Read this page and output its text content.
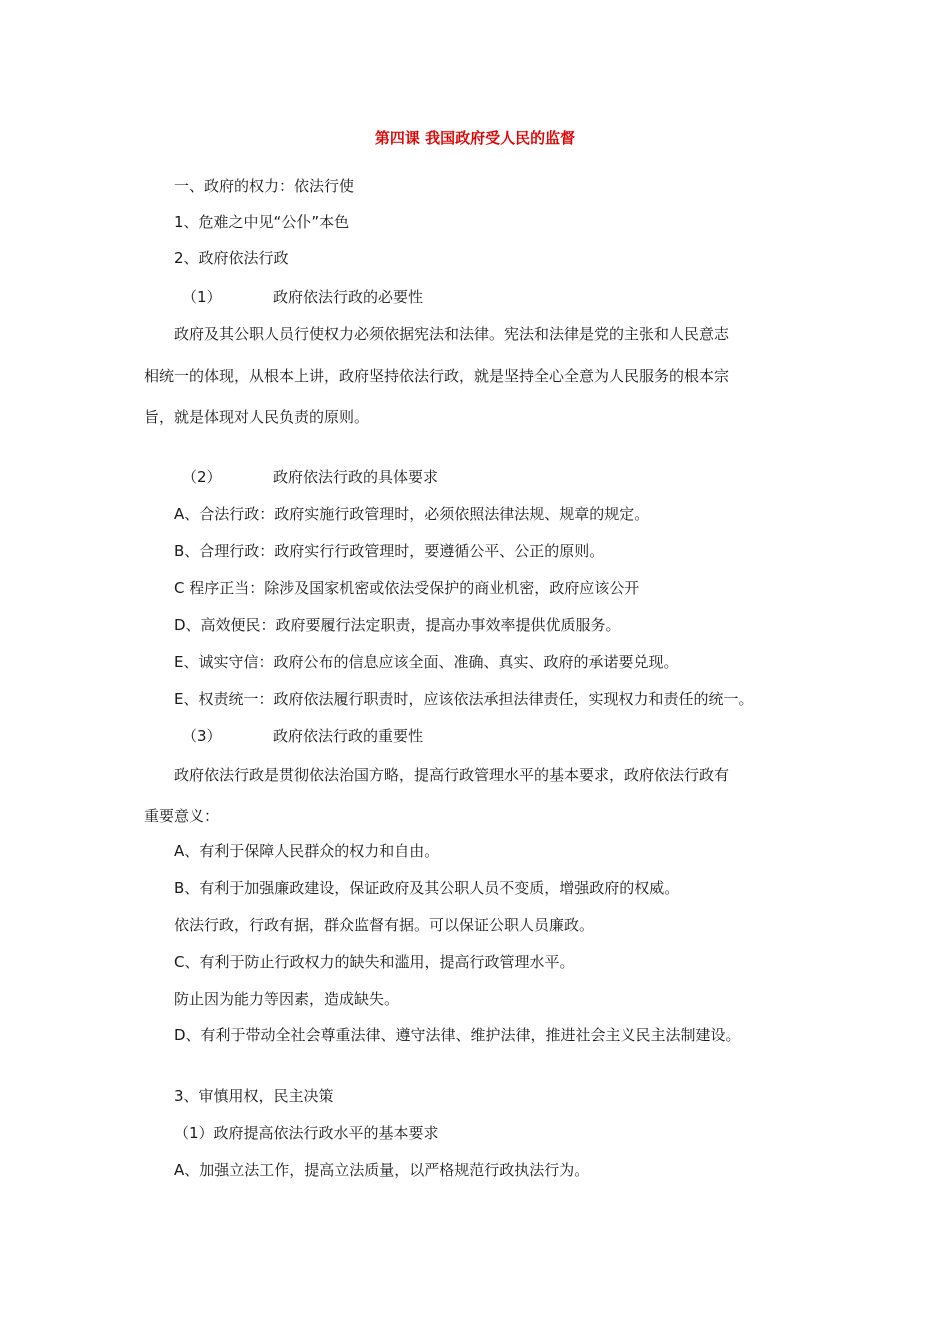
第四课 我国政府受人民的监督
一、政府的权力：依法行使
1、危难之中见“公仆”本色
2、政府依法行政
（1）	政府依法行政的必要性
政府及其公职人员行使权力必须依据宪法和法律。宪法和法律是党的主张和人民意志
相统一的体现，从根本上讲，政府坚持依法行政，就是坚持全心全意为人民服务的根本宗
旨，就是体现对人民负责的原则。
（2）	政府依法行政的具体要求
A、合法行政：政府实施行政管理时，必须依照法律法规、规章的规定。
B、合理行政：政府实行行政管理时，要遵循公平、公正的原则。
C 程序正当：除涉及国家机密或依法受保护的商业机密，政府应该公开
D、高效便民：政府要履行法定职责，提高办事效率提供优质服务。
E、诚实守信：政府公布的信息应该全面、准确、真实、政府的承诺要兑现。
E、权责统一：政府依法履行职责时，应该依法承担法律责任，实现权力和责任的统一。
（3）	政府依法行政的重要性
政府依法行政是贯彻依法治国方略，提高行政管理水平的基本要求，政府依法行政有
重要意义：
A、有利于保障人民群众的权力和自由。
B、有利于加强廉政建设，保证政府及其公职人员不变质，增强政府的权威。
依法行政，行政有据，群众监督有据。可以保证公职人员廉政。
C、有利于防止行政权力的缺失和滥用，提高行政管理水平。
防止因为能力等因素，造成缺失。
D、有利于带动全社会尊重法律、遵守法律、维护法律，推进社会主义民主法制建设。
3、审慎用权，民主决策
（1）政府提高依法行政水平的基本要求
A、加强立法工作，提高立法质量，以严格规范行政执法行为。
